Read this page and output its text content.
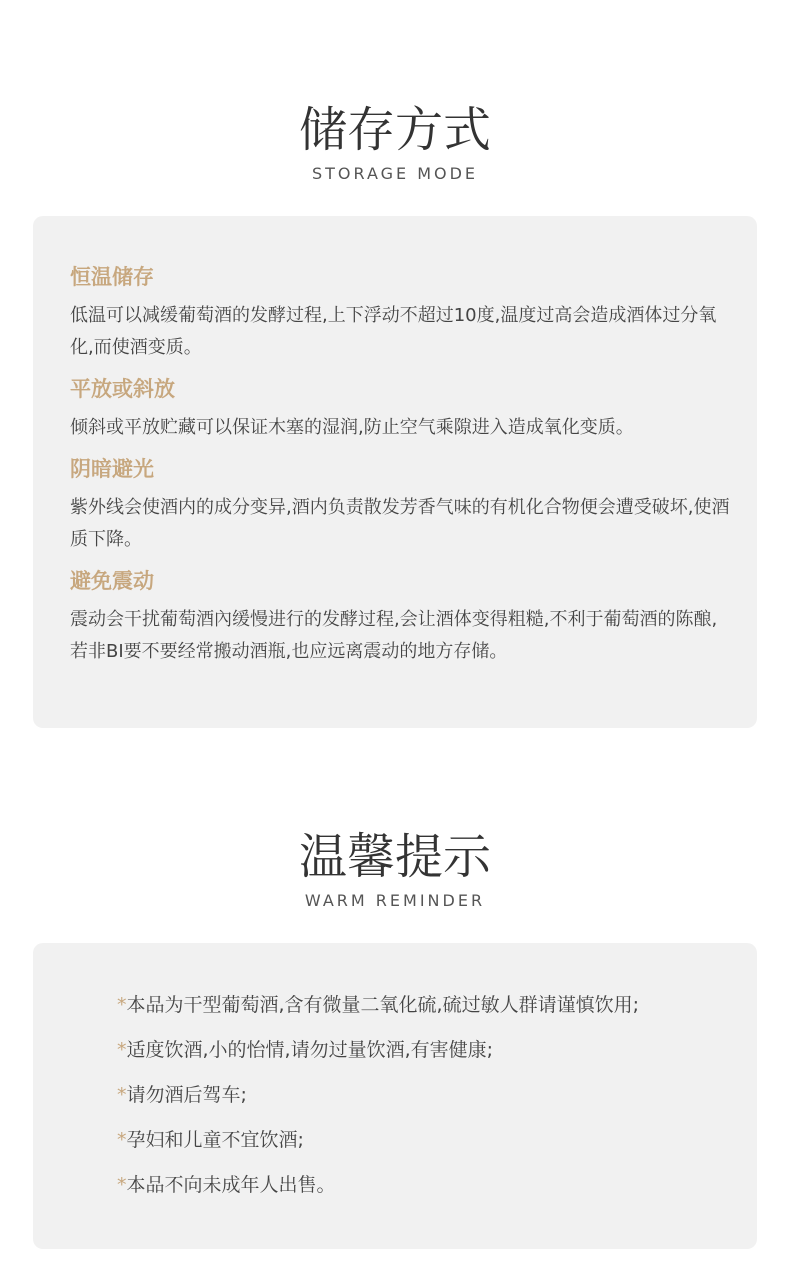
储存方式
STORAGE MODE
恒温储存

低温可以减缓葡萄酒的发酵过程,上下浮动不超过10度,温度过高会造成酒体过分氧化,而使酒变质。

平放或斜放

倾斜或平放贮藏可以保证木塞的湿润,防止空气乘隙进入造成氧化变质。

阴暗避光

紫外线会使酒内的成分变异,酒内负责散发芳香气味的有机化合物便会遭受破坏,使酒质下降。

避免震动

震动会干扰葡萄酒內缓慢进行的发酵过程,会让酒体变得粗糙,不利于葡萄酒的陈酿,若非BI要不要经常搬动酒瓶,也应远离震动的地方存储。

温馨提示
WARM REMINDER
*本品为干型葡萄酒,含有微量二氧化硫,硫过敏人群请谨慎饮用;
*适度饮酒,小的怡情,请勿过量饮酒,有害健康;
*请勿酒后驾车;
*孕妇和儿童不宜饮酒;
*本品不向未成年人出售。
